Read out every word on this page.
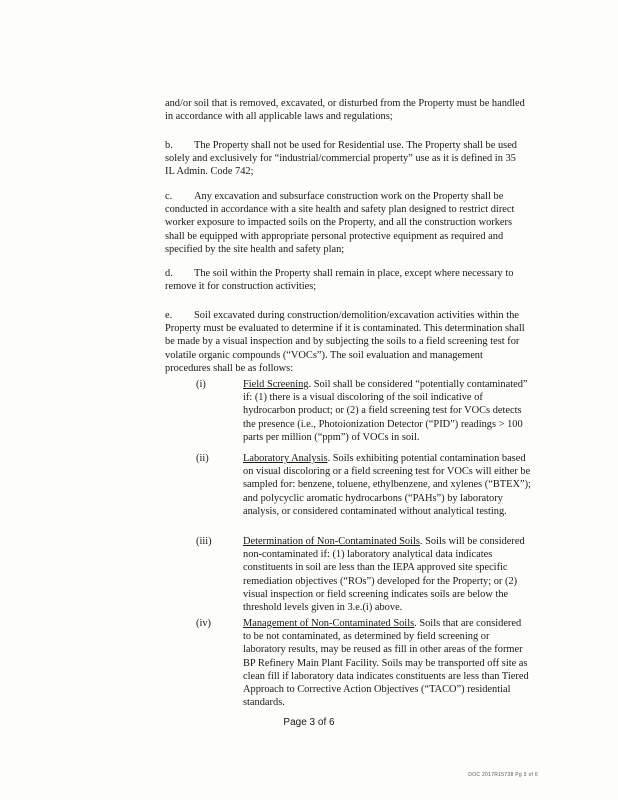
and/or soil that is removed, excavated, or disturbed from the Property must be handled in accordance with all applicable laws and regulations;

b. The Property shall not be used for Residential use. The Property shall be used solely and exclusively for “industrial/commercial property” use as it is defined in 35 IL Admin. Code 742;

c. Any excavation and subsurface construction work on the Property shall be conducted in accordance with a site health and safety plan designed to restrict direct worker exposure to impacted soils on the Property, and all the construction workers shall be equipped with appropriate personal protective equipment as required and specified by the site health and safety plan;

d. The soil within the Property shall remain in place, except where necessary to remove it for construction activities;

e. Soil excavated during construction/demolition/excavation activities within the Property must be evaluated to determine if it is contaminated. This determination shall be made by a visual inspection and by subjecting the soils to a field screening test for volatile organic compounds (“VOCs”). The soil evaluation and management procedures shall be as follows:

(i)	Field Screening. Soil shall be considered “potentially contaminated” if: (1) there is a visual discoloring of the soil indicative of hydrocarbon product; or (2) a field screening test for VOCs detects the presence (i.e., Photoionization Detector (“PID”) readings > 100 parts per million (“ppm”) of VOCs in soil.
(ii)	Laboratory Analysis. Soils exhibiting potential contamination based on visual discoloring or a field screening test for VOCs will either be sampled for: benzene, toluene, ethylbenzene, and xylenes (“BTEX”); and polycyclic aromatic hydrocarbons (“PAHs”) by laboratory analysis, or considered contaminated without analytical testing.
(iii)	Determination of Non-Contaminated Soils. Soils will be considered non-contaminated if: (1) laboratory analytical data indicates constituents in soil are less than the IEPA approved site specific remediation objectives (“ROs”) developed for the Property; or (2) visual inspection or field screening indicates soils are below the threshold levels given in 3.e.(i) above.
(iv)	Management of Non-Contaminated Soils. Soils that are considered to be not contaminated, as determined by field screening or laboratory results, may be reused as fill in other areas of the former BP Refinery Main Plant Facility. Soils may be transported off site as clean fill if laboratory data indicates constituents are less than Tiered Approach to Corrective Action Objectives (“TACO”) residential standards.
Page 3 of 6
DOC 2017R15738 Pg 3 of 6
